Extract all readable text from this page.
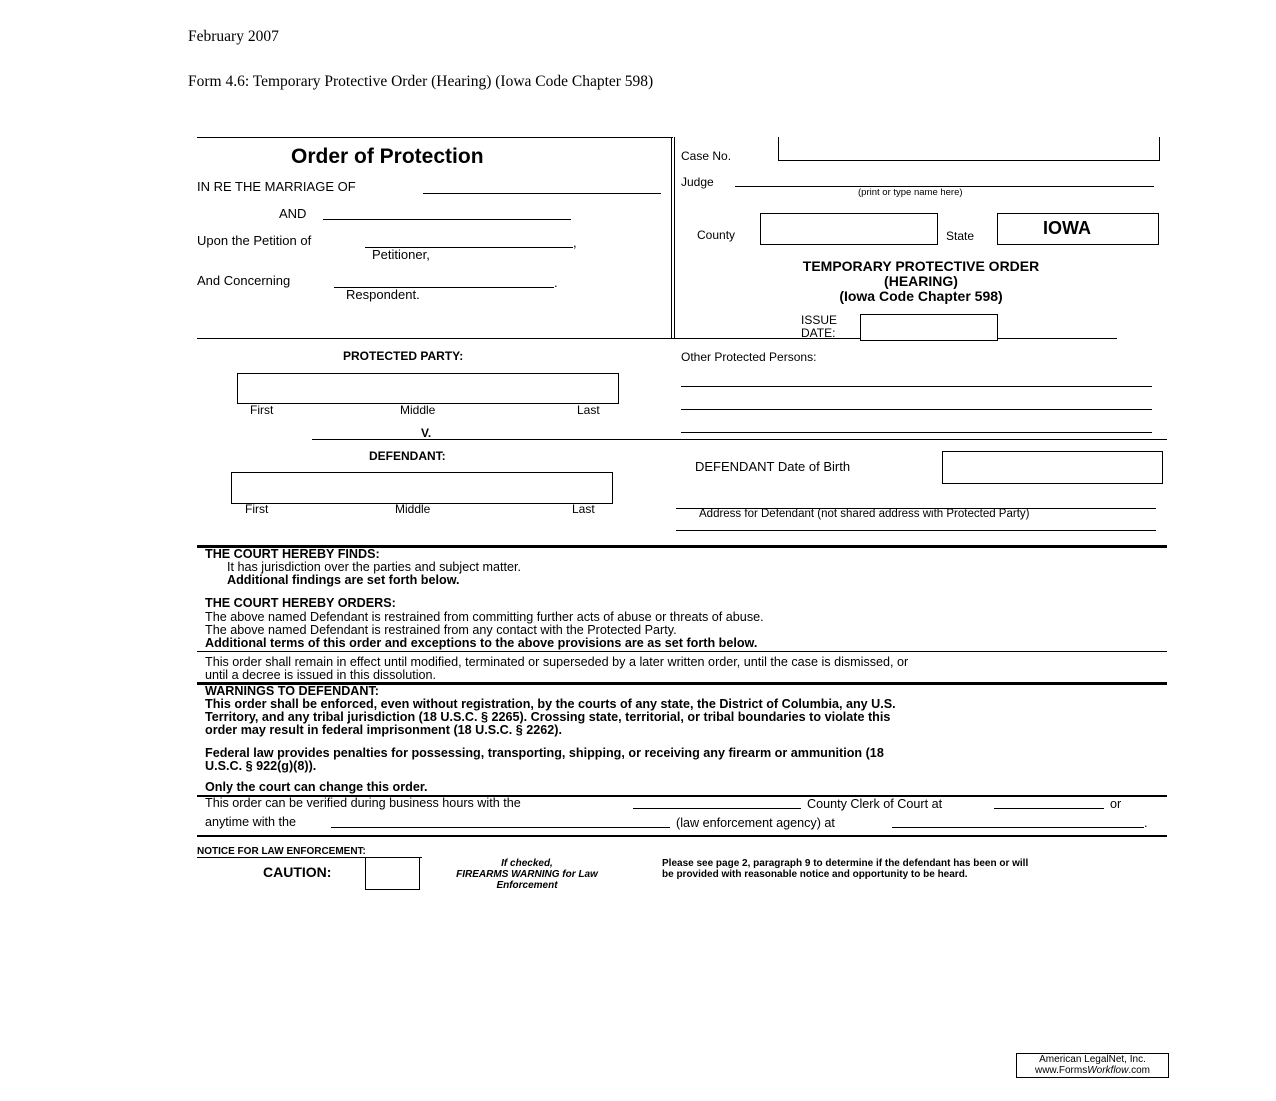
February 2007
Form 4.6: Temporary Protective Order (Hearing) (Iowa Code Chapter 598)
Order of Protection
IN RE THE MARRIAGE OF
AND
Upon the Petition of	,
Petitioner,
And Concerning	.
Respondent.
Case No.
Judge
(print or type name here)
County	State	IOWA
TEMPORARY PROTECTIVE ORDER
(HEARING)
(Iowa Code Chapter 598)
ISSUE
DATE:
PROTECTED PARTY:
First	Middle	Last
V.
Other Protected Persons:
DEFENDANT:
First	Middle	Last
DEFENDANT Date of Birth
Address for Defendant (not shared address with Protected Party)
THE COURT HEREBY FINDS:
It has jurisdiction over the parties and subject matter.
Additional findings are set forth below.
THE COURT HEREBY ORDERS:
The above named Defendant is restrained from committing further acts of abuse or threats of abuse.
The above named Defendant is restrained from any contact with the Protected Party.
Additional terms of this order and exceptions to the above provisions are as set forth below.
This order shall remain in effect until modified, terminated or superseded by a later written order, until the case is dismissed, or
until a decree is issued in this dissolution.
WARNINGS TO DEFENDANT:
This order shall be enforced, even without registration, by the courts of any state, the District of Columbia, any U.S.
Territory, and any tribal jurisdiction (18 U.S.C. § 2265). Crossing state, territorial, or tribal boundaries to violate this
order may result in federal imprisonment (18 U.S.C. § 2262).
Federal law provides penalties for possessing, transporting, shipping, or receiving any firearm or ammunition (18
U.S.C. § 922(g)(8)).
Only the court can change this order.
This order can be verified during business hours with the	County Clerk of Court at	or
anytime with the	(law enforcement agency) at	.
NOTICE FOR LAW ENFORCEMENT:
CAUTION:
If checked,
FIREARMS WARNING for Law
Enforcement
Please see page 2, paragraph 9 to determine if the defendant has been or will
be provided with reasonable notice and opportunity to be heard.
American LegalNet, Inc.
www.FormsWorkflow.com
